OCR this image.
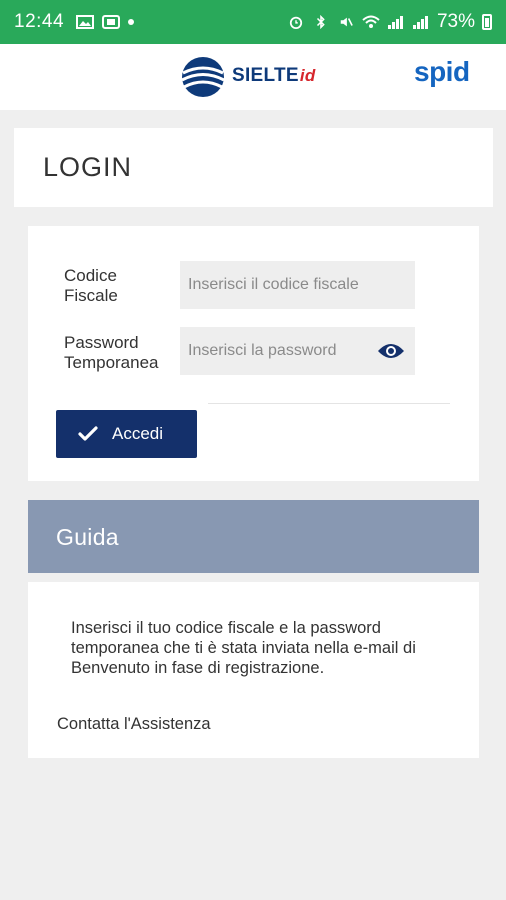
12:44	73%
SIELTEid	spid
LOGIN
Codice
Fiscale
Inserisci il codice fiscale
Password
Temporanea
Accedi
Guida

Inserisci il tuo codice fiscale e la password temporanea che ti è stata inviata nella e-mail di Benvenuto in fase di registrazione.

Contatta l'Assistenza
